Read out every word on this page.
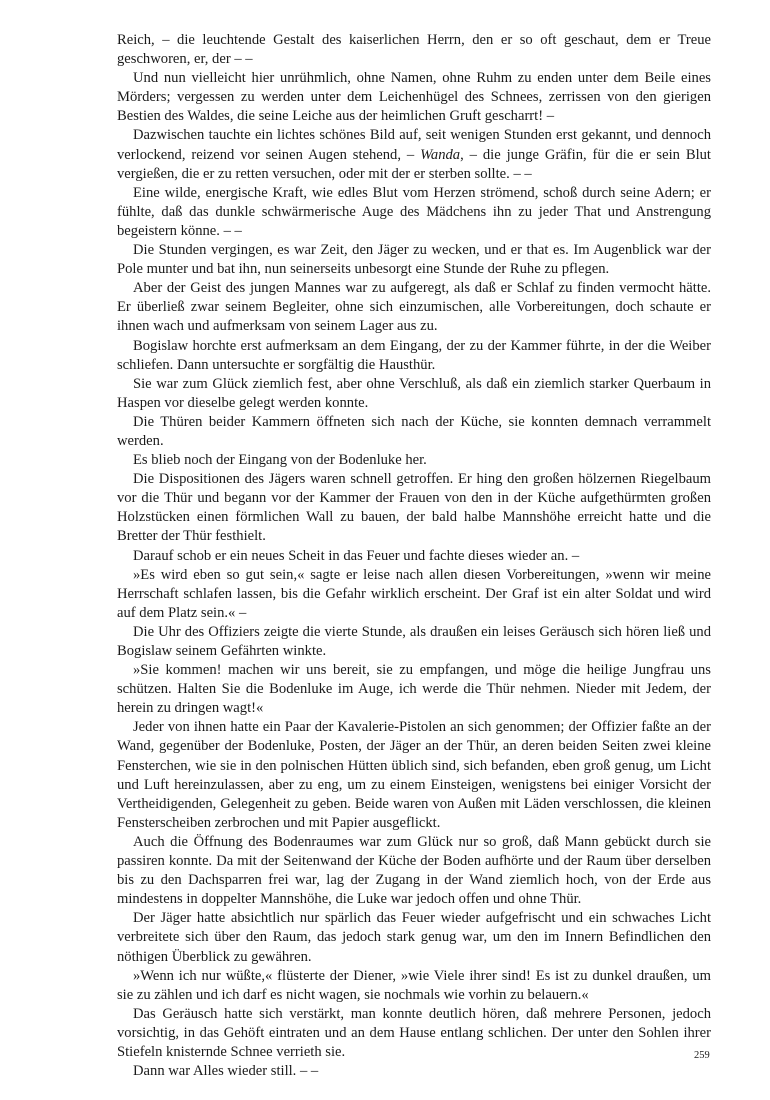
Reich, – die leuchtende Gestalt des kaiserlichen Herrn, den er so oft geschaut, dem er Treue geschworen, er, der – –

Und nun vielleicht hier unrühmlich, ohne Namen, ohne Ruhm zu enden unter dem Beile eines Mörders; vergessen zu werden unter dem Leichenhügel des Schnees, zerrissen von den gierigen Bestien des Waldes, die seine Leiche aus der heimlichen Gruft gescharrt! –

Dazwischen tauchte ein lichtes schönes Bild auf, seit wenigen Stunden erst gekannt, und dennoch verlockend, reizend vor seinen Augen stehend, – Wanda, – die junge Gräfin, für die er sein Blut vergießen, die er zu retten versuchen, oder mit der er sterben sollte. – –

Eine wilde, energische Kraft, wie edles Blut vom Herzen strömend, schoß durch seine Adern; er fühlte, daß das dunkle schwärmerische Auge des Mädchens ihn zu jeder That und Anstrengung begeistern könne. – –

Die Stunden vergingen, es war Zeit, den Jäger zu wecken, und er that es. Im Augenblick war der Pole munter und bat ihn, nun seinerseits unbesorgt eine Stunde der Ruhe zu pflegen.

Aber der Geist des jungen Mannes war zu aufgeregt, als daß er Schlaf zu finden vermocht hätte. Er überließ zwar seinem Begleiter, ohne sich einzumischen, alle Vorbereitungen, doch schaute er ihnen wach und aufmerksam von seinem Lager aus zu.

Bogislaw horchte erst aufmerksam an dem Eingang, der zu der Kammer führte, in der die Weiber schliefen. Dann untersuchte er sorgfältig die Hausthür.

Sie war zum Glück ziemlich fest, aber ohne Verschluß, als daß ein ziemlich starker Querbaum in Haspen vor dieselbe gelegt werden konnte.

Die Thüren beider Kammern öffneten sich nach der Küche, sie konnten demnach verrammelt werden.

Es blieb noch der Eingang von der Bodenluke her.

Die Dispositionen des Jägers waren schnell getroffen. Er hing den großen hölzernen Riegelbaum vor die Thür und begann vor der Kammer der Frauen von den in der Küche aufgethürmten großen Holzstücken einen förmlichen Wall zu bauen, der bald halbe Mannshöhe erreicht hatte und die Bretter der Thür festhielt.

Darauf schob er ein neues Scheit in das Feuer und fachte dieses wieder an. –

»Es wird eben so gut sein,« sagte er leise nach allen diesen Vorbereitungen, »wenn wir meine Herrschaft schlafen lassen, bis die Gefahr wirklich erscheint. Der Graf ist ein alter Soldat und wird auf dem Platz sein.« –

Die Uhr des Offiziers zeigte die vierte Stunde, als draußen ein leises Geräusch sich hören ließ und Bogislaw seinem Gefährten winkte.

»Sie kommen! machen wir uns bereit, sie zu empfangen, und möge die heilige Jungfrau uns schützen. Halten Sie die Bodenluke im Auge, ich werde die Thür nehmen. Nieder mit Jedem, der herein zu dringen wagt!«

Jeder von ihnen hatte ein Paar der Kavalerie-Pistolen an sich genommen; der Offizier faßte an der Wand, gegenüber der Bodenluke, Posten, der Jäger an der Thür, an deren beiden Seiten zwei kleine Fensterchen, wie sie in den polnischen Hütten üblich sind, sich befanden, eben groß genug, um Licht und Luft hereinzulassen, aber zu eng, um zu einem Einsteigen, wenigstens bei einiger Vorsicht der Vertheidigenden, Gelegenheit zu geben. Beide waren von Außen mit Läden verschlossen, die kleinen Fensterscheiben zerbrochen und mit Papier ausgeflickt.

Auch die Öffnung des Bodenraumes war zum Glück nur so groß, daß Mann gebückt durch sie passiren konnte. Da mit der Seitenwand der Küche der Boden aufhörte und der Raum über derselben bis zu den Dachsparren frei war, lag der Zugang in der Wand ziemlich hoch, von der Erde aus mindestens in doppelter Mannshöhe, die Luke war jedoch offen und ohne Thür.

Der Jäger hatte absichtlich nur spärlich das Feuer wieder aufgefrischt und ein schwaches Licht verbreitete sich über den Raum, das jedoch stark genug war, um den im Innern Befindlichen den nöthigen Überblick zu gewähren.

»Wenn ich nur wüßte,« flüsterte der Diener, »wie Viele ihrer sind! Es ist zu dunkel draußen, um sie zu zählen und ich darf es nicht wagen, sie nochmals wie vorhin zu belauern.«

Das Geräusch hatte sich verstärkt, man konnte deutlich hören, daß mehrere Personen, jedoch vorsichtig, in das Gehöft eintraten und an dem Hause entlang schlichen. Der unter den Sohlen ihrer Stiefeln knisternde Schnee verrieth sie.

Dann war Alles wieder still. – –

259
